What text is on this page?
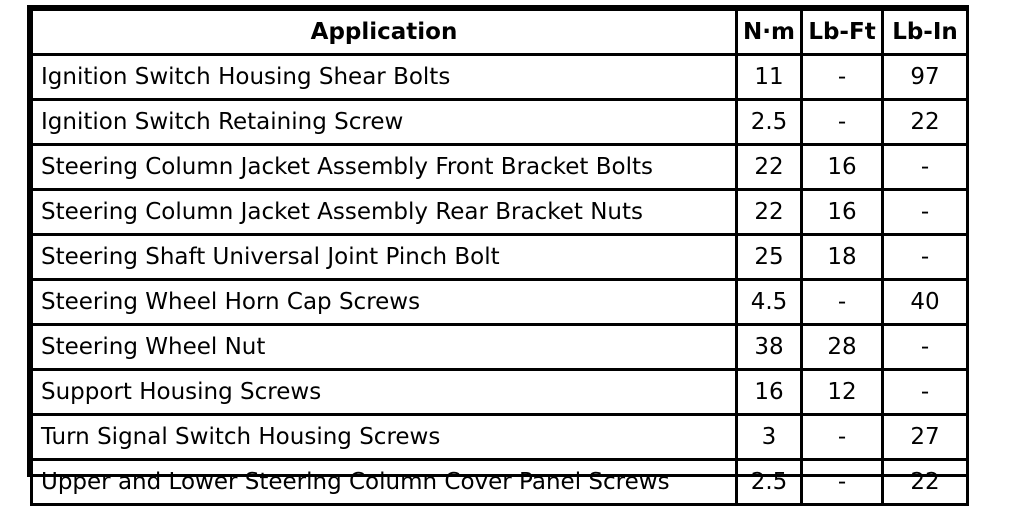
Application	N·m	Lb-Ft	Lb-In
Ignition Switch Housing Shear Bolts	11	-	97
Ignition Switch Retaining Screw	2.5	-	22
Steering Column Jacket Assembly Front Bracket Bolts	22	16	-
Steering Column Jacket Assembly Rear Bracket Nuts	22	16	-
Steering Shaft Universal Joint Pinch Bolt	25	18	-
Steering Wheel Horn Cap Screws	4.5	-	40
Steering Wheel Nut	38	28	-
Support Housing Screws	16	12	-
Turn Signal Switch Housing Screws	3	-	27
Upper and Lower Steering Column Cover Panel Screws	2.5	-	22
